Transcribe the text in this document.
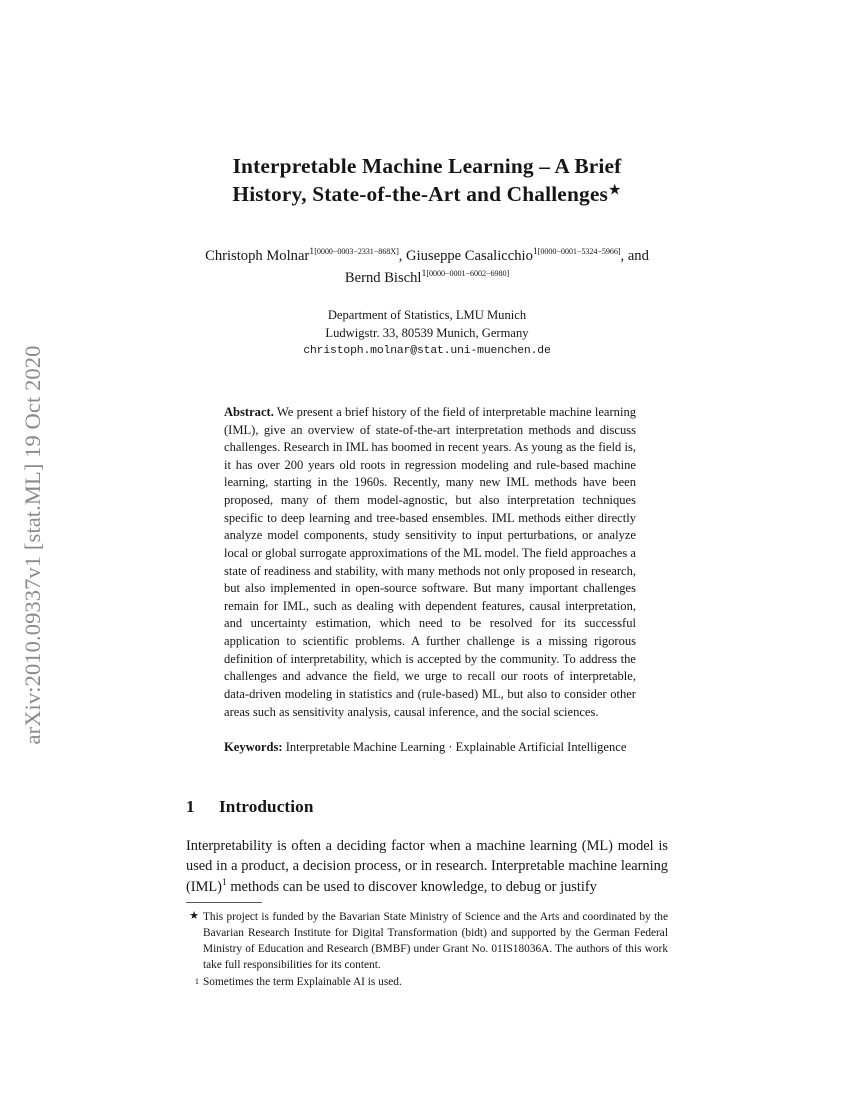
arXiv:2010.09337v1 [stat.ML] 19 Oct 2020
Interpretable Machine Learning – A Brief
History, State-of-the-Art and Challenges★
Christoph Molnar$^{1[0000-0003-2331-868X]}$, Giuseppe Casalicchio$^{1[0000-0001-5324-5966]}$, and Bernd Bischl$^{1[0000-0001-6002-6980]}$
Department of Statistics, LMU Munich
Ludwigstr. 33, 80539 Munich, Germany
christoph.molnar@stat.uni-muenchen.de
Abstract. We present a brief history of the field of interpretable machine learning (IML), give an overview of state-of-the-art interpretation methods and discuss challenges. Research in IML has boomed in recent years. As young as the field is, it has over 200 years old roots in regression modeling and rule-based machine learning, starting in the 1960s. Recently, many new IML methods have been proposed, many of them model-agnostic, but also interpretation techniques specific to deep learning and tree-based ensembles. IML methods either directly analyze model components, study sensitivity to input perturbations, or analyze local or global surrogate approximations of the ML model. The field approaches a state of readiness and stability, with many methods not only proposed in research, but also implemented in open-source software. But many important challenges remain for IML, such as dealing with dependent features, causal interpretation, and uncertainty estimation, which need to be resolved for its successful application to scientific problems. A further challenge is a missing rigorous definition of interpretability, which is accepted by the community. To address the challenges and advance the field, we urge to recall our roots of interpretable, data-driven modeling in statistics and (rule-based) ML, but also to consider other areas such as sensitivity analysis, causal inference, and the social sciences.
Keywords: Interpretable Machine Learning · Explainable Artificial Intelligence
1 Introduction

Interpretability is often a deciding factor when a machine learning (ML) model is used in a product, a decision process, or in research. Interpretable machine learning (IML)$^1$ methods can be used to discover knowledge, to debug or justify

★ This project is funded by the Bavarian State Ministry of Science and the Arts and coordinated by the Bavarian Research Institute for Digital Transformation (bidt) and supported by the German Federal Ministry of Education and Research (BMBF) under Grant No. 01IS18036A. The authors of this work take full responsibilities for its content.
1 Sometimes the term Explainable AI is used.
